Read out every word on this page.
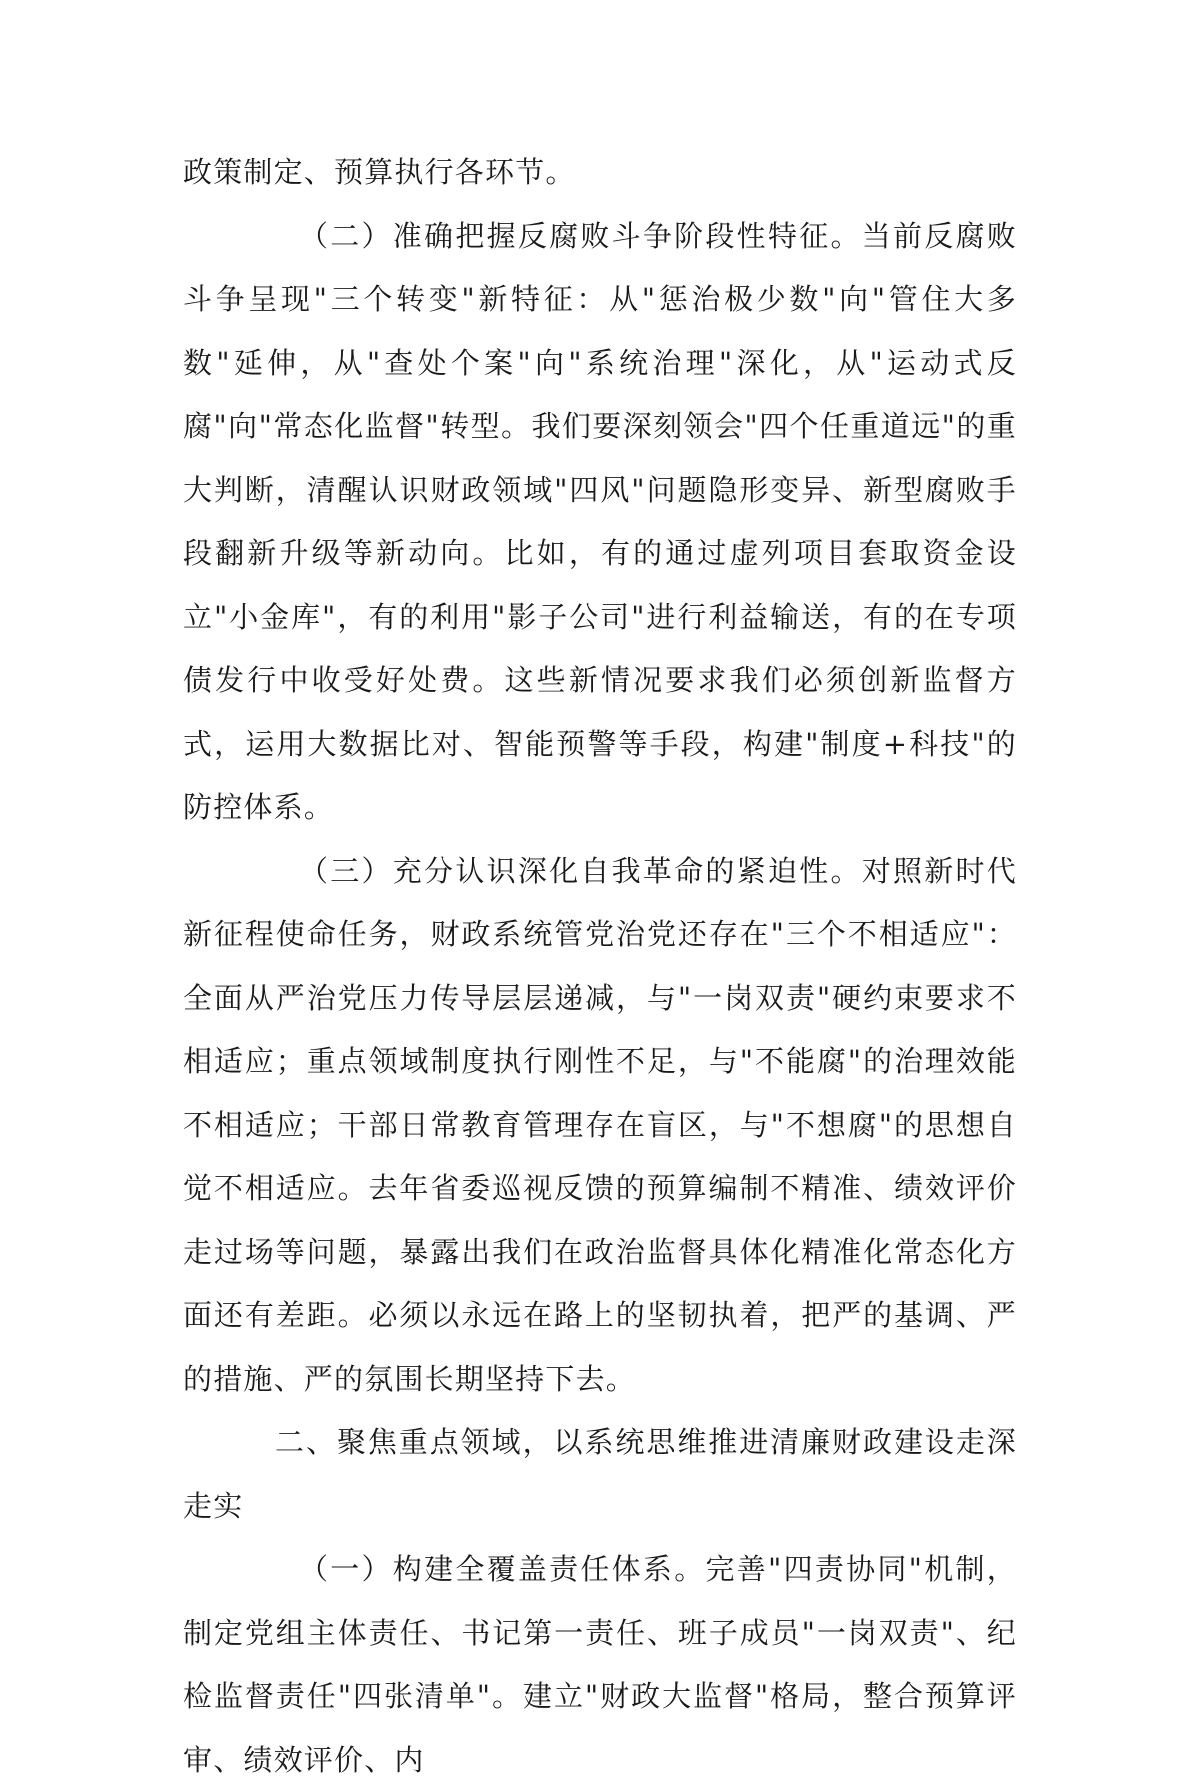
政策制定、预算执行各环节。

（二）准确把握反腐败斗争阶段性特征。当前反腐败斗争呈现"三个转变"新特征：从"惩治极少数"向"管住大多数"延伸，从"查处个案"向"系统治理"深化，从"运动式反腐"向"常态化监督"转型。我们要深刻领会"四个任重道远"的重大判断，清醒认识财政领域"四风"问题隐形变异、新型腐败手段翻新升级等新动向。比如，有的通过虚列项目套取资金设立"小金库"，有的利用"影子公司"进行利益输送，有的在专项债发行中收受好处费。这些新情况要求我们必须创新监督方式，运用大数据比对、智能预警等手段，构建"制度+科技"的防控体系。

（三）充分认识深化自我革命的紧迫性。对照新时代新征程使命任务，财政系统管党治党还存在"三个不相适应"：全面从严治党压力传导层层递减，与"一岗双责"硬约束要求不相适应；重点领域制度执行刚性不足，与"不能腐"的治理效能不相适应；干部日常教育管理存在盲区，与"不想腐"的思想自觉不相适应。去年省委巡视反馈的预算编制不精准、绩效评价走过场等问题，暴露出我们在政治监督具体化精准化常态化方面还有差距。必须以永远在路上的坚韧执着，把严的基调、严的措施、严的氛围长期坚持下去。

二、聚焦重点领域，以系统思维推进清廉财政建设走深走实

（一）构建全覆盖责任体系。完善"四责协同"机制，制定党组主体责任、书记第一责任、班子成员"一岗双责"、纪检监督责任"四张清单"。建立"财政大监督"格局，整合预算评审、绩效评价、内
